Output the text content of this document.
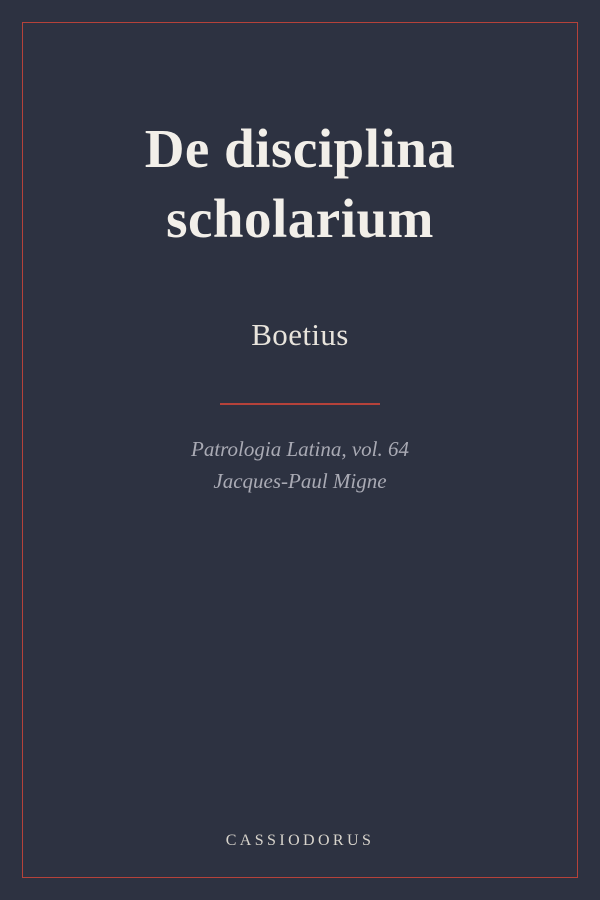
De disciplina scholarium
Boetius
Patrologia Latina, vol. 64
Jacques-Paul Migne
CASSIODORUS
